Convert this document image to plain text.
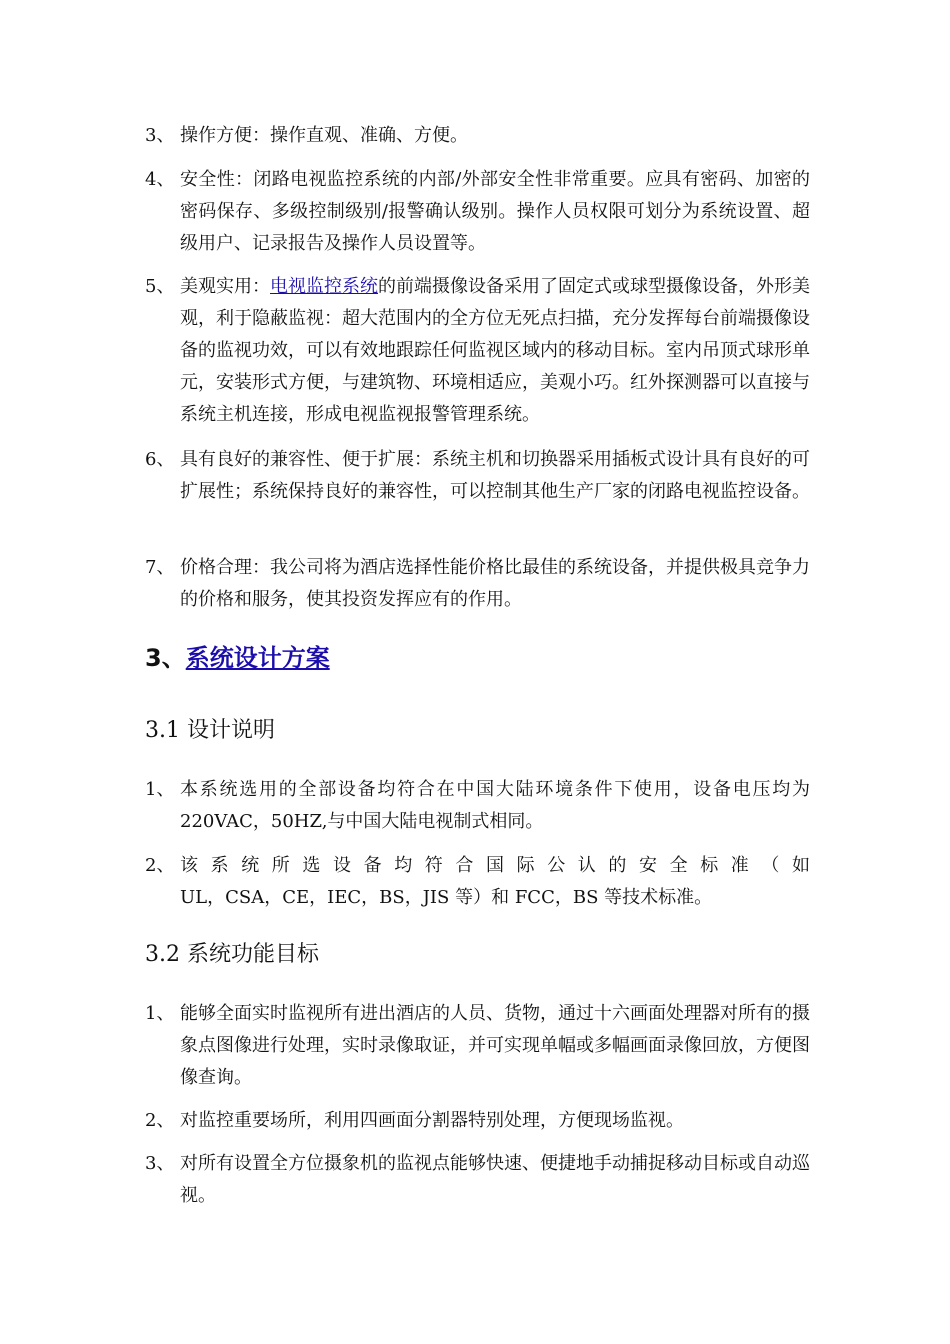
3、 操作方便：操作直观、准确、方便。
4、 安全性：闭路电视监控系统的内部/外部安全性非常重要。应具有密码、加密的密码保存、多级控制级别/报警确认级别。操作人员权限可划分为系统设置、超级用户、记录报告及操作人员设置等。
5、 美观实用：电视监控系统的前端摄像设备采用了固定式或球型摄像设备，外形美观，利于隐蔽监视：超大范围内的全方位无死点扫描，充分发挥每台前端摄像设备的监视功效，可以有效地跟踪任何监视区域内的移动目标。室内吊顶式球形单元，安装形式方便，与建筑物、环境相适应，美观小巧。红外探测器可以直接与系统主机连接，形成电视监视报警管理系统。
6、 具有良好的兼容性、便于扩展：系统主机和切换器采用插板式设计具有良好的可扩展性；系统保持良好的兼容性，可以控制其他生产厂家的闭路电视监控设备。
7、 价格合理：我公司将为酒店选择性能价格比最佳的系统设备，并提供极具竞争力的价格和服务，使其投资发挥应有的作用。
3、系统设计方案
3.1 设计说明
1、 本系统选用的全部设备均符合在中国大陆环境条件下使用，设备电压均为220VAC，50HZ,与中国大陆电视制式相同。
2、 该系统所选设备均符合国际公认的安全标准（如
UL，CSA，CE，IEC，BS，JIS 等）和 FCC，BS 等技术标准。
3.2 系统功能目标
1、 能够全面实时监视所有进出酒店的人员、货物，通过十六画面处理器对所有的摄象点图像进行处理，实时录像取证，并可实现单幅或多幅画面录像回放，方便图像查询。
2、 对监控重要场所，利用四画面分割器特别处理，方便现场监视。
3、 对所有设置全方位摄象机的监视点能够快速、便捷地手动捕捉移动目标或自动巡视。
